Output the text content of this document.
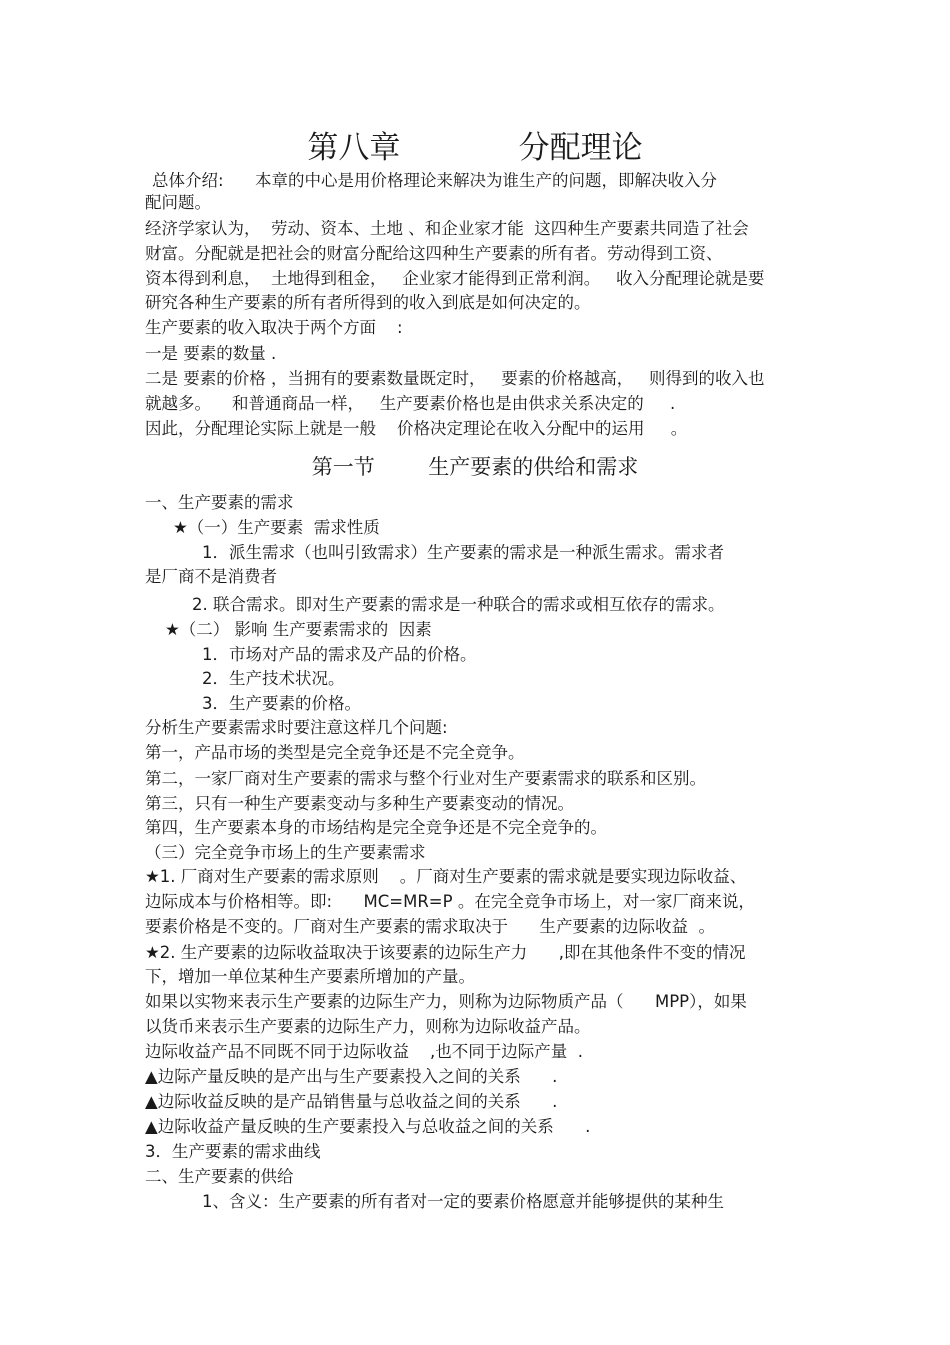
第八章            分配理论
总体介绍:      本章的中心是用价格理论来解决为谁生产的问题，即解决收入分
配问题。
经济学家认为，  劳动、资本、土地 、和企业家才能  这四种生产要素共同造了社会
财富。分配就是把社会的财富分配给这四种生产要素的所有者。劳动得到工资、
资本得到利息，  土地得到租金，   企业家才能得到正常利润。   收入分配理论就是要
研究各种生产要素的所有者所得到的收入到底是如何决定的。
生产要素的收入取决于两个方面    :
一是 要素的数量 .
二是 要素的价格 ，当拥有的要素数量既定时，   要素的价格越高，   则得到的收入也
就越多。    和普通商品一样，   生产要素价格也是由供求关系决定的     .
因此，分配理论实际上就是一般    价格决定理论在收入分配中的运用     。
第一节        生产要素的供给和需求
一、生产要素的需求
★（一）生产要素  需求性质
1．派生需求（也叫引致需求）生产要素的需求是一种派生需求。需求者
是厂商不是消费者
2. 联合需求。即对生产要素的需求是一种联合的需求或相互依存的需求。
★（二） 影响 生产要素需求的  因素
1．市场对产品的需求及产品的价格。
2．生产技术状况。
3．生产要素的价格。
分析生产要素需求时要注意这样几个问题:
第一，产品市场的类型是完全竞争还是不完全竞争。
第二，一家厂商对生产要素的需求与整个行业对生产要素需求的联系和区别。
第三，只有一种生产要素变动与多种生产要素变动的情况。
第四，生产要素本身的市场结构是完全竞争还是不完全竞争的。
（三）完全竞争市场上的生产要素需求
★1. 厂商对生产要素的需求原则    。厂商对生产要素的需求就是要实现边际收益、
边际成本与价格相等。即:      MC=MR=P 。在完全竞争市场上，对一家厂商来说，
要素价格是不变的。厂商对生产要素的需求取决于      生产要素的边际收益  。
★2. 生产要素的边际收益取决于该要素的边际生产力      ,即在其他条件不变的情况
下，增加一单位某种生产要素所增加的产量。
如果以实物来表示生产要素的边际生产力，则称为边际物质产品（      MPP），如果
以货币来表示生产要素的边际生产力，则称为边际收益产品。
边际收益产品不同既不同于边际收益    ,也不同于边际产量  .
▲边际产量反映的是产出与生产要素投入之间的关系      .
▲边际收益反映的是产品销售量与总收益之间的关系      .
▲边际收益产量反映的生产要素投入与总收益之间的关系      .
3．生产要素的需求曲线
二、生产要素的供给
1、含义：生产要素的所有者对一定的要素价格愿意并能够提供的某种生
